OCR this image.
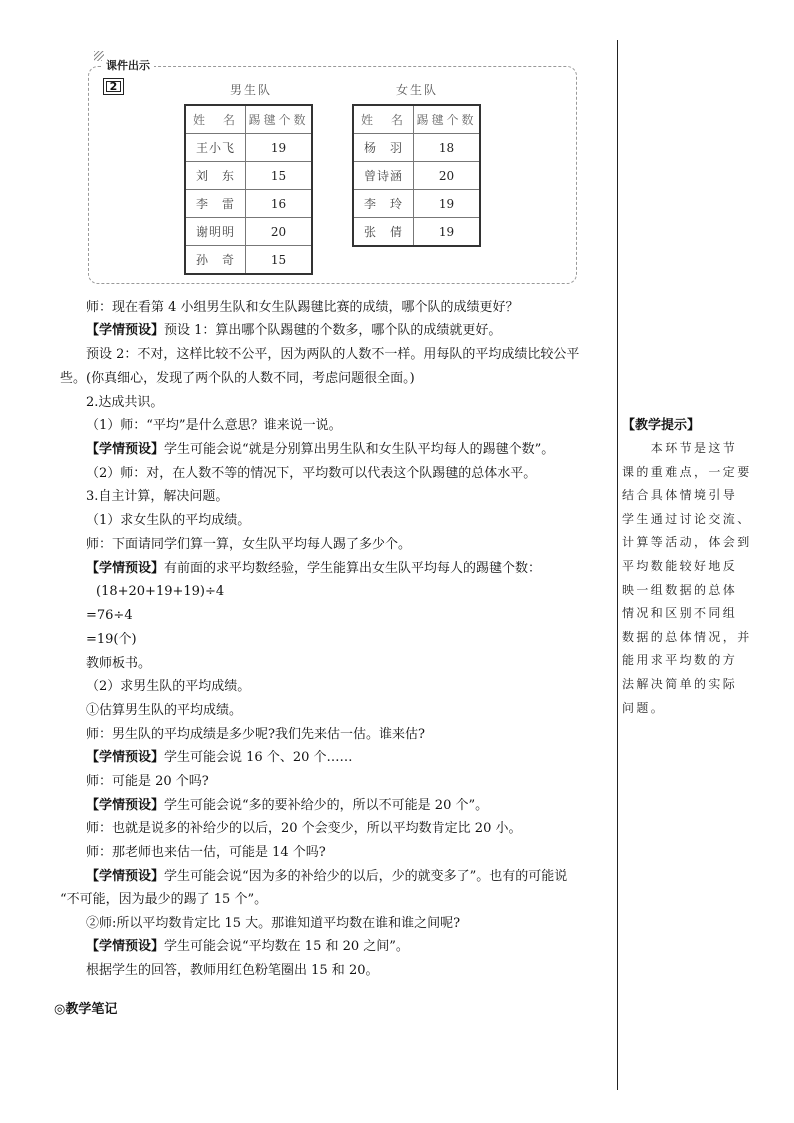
课件出示
2	男生队	女生队
姓　名	踢毽个数
王小飞	19
刘　东	15
李　雷	16
谢明明	20
孙　奇	15
姓　名	踢毽个数
杨　羽	18
曾诗涵	20
李　玲	19
张　倩	19
师：现在看第 4 小组男生队和女生队踢毽比赛的成绩，哪个队的成绩更好？
【学情预设】预设 1：算出哪个队踢毽的个数多，哪个队的成绩就更好。
预设 2：不对，这样比较不公平，因为两队的人数不一样。用每队的平均成绩比较公平
些。(你真细心，发现了两个队的人数不同，考虑问题很全面。)
2.达成共识。
（1）师：“平均”是什么意思？谁来说一说。
【学情预设】学生可能会说“就是分别算出男生队和女生队平均每人的踢毽个数”。
（2）师：对，在人数不等的情况下，平均数可以代表这个队踢毽的总体水平。
3.自主计算，解决问题。
（1）求女生队的平均成绩。
师：下面请同学们算一算，女生队平均每人踢了多少个。
【学情预设】有前面的求平均数经验，学生能算出女生队平均每人的踢毽个数：
(18+20+19+19)÷4
=76÷4
=19(个)
教师板书。
（2）求男生队的平均成绩。
①估算男生队的平均成绩。
师：男生队的平均成绩是多少呢?我们先来估一估。谁来估?
【学情预设】学生可能会说 16 个、20 个……
师：可能是 20 个吗?
【学情预设】学生可能会说“多的要补给少的，所以不可能是 20 个”。
师：也就是说多的补给少的以后，20 个会变少，所以平均数肯定比 20 小。
师：那老师也来估一估，可能是 14 个吗?
【学情预设】学生可能会说“因为多的补给少的以后，少的就变多了”。也有的可能说
“不可能，因为最少的踢了 15 个”。
②师:所以平均数肯定比 15 大。那谁知道平均数在谁和谁之间呢?
【学情预设】学生可能会说“平均数在 15 和 20 之间”。
根据学生的回答，教师用红色粉笔圈出 15 和 20。
【教学提示】
　　本环节是这节
课的重难点，一定要
结合具体情境引导
学生通过讨论交流、
计算等活动，体会到
平均数能较好地反
映一组数据的总体
情况和区别不同组
数据的总体情况，并
能用求平均数的方
法解决简单的实际
问题。
◎教学笔记
